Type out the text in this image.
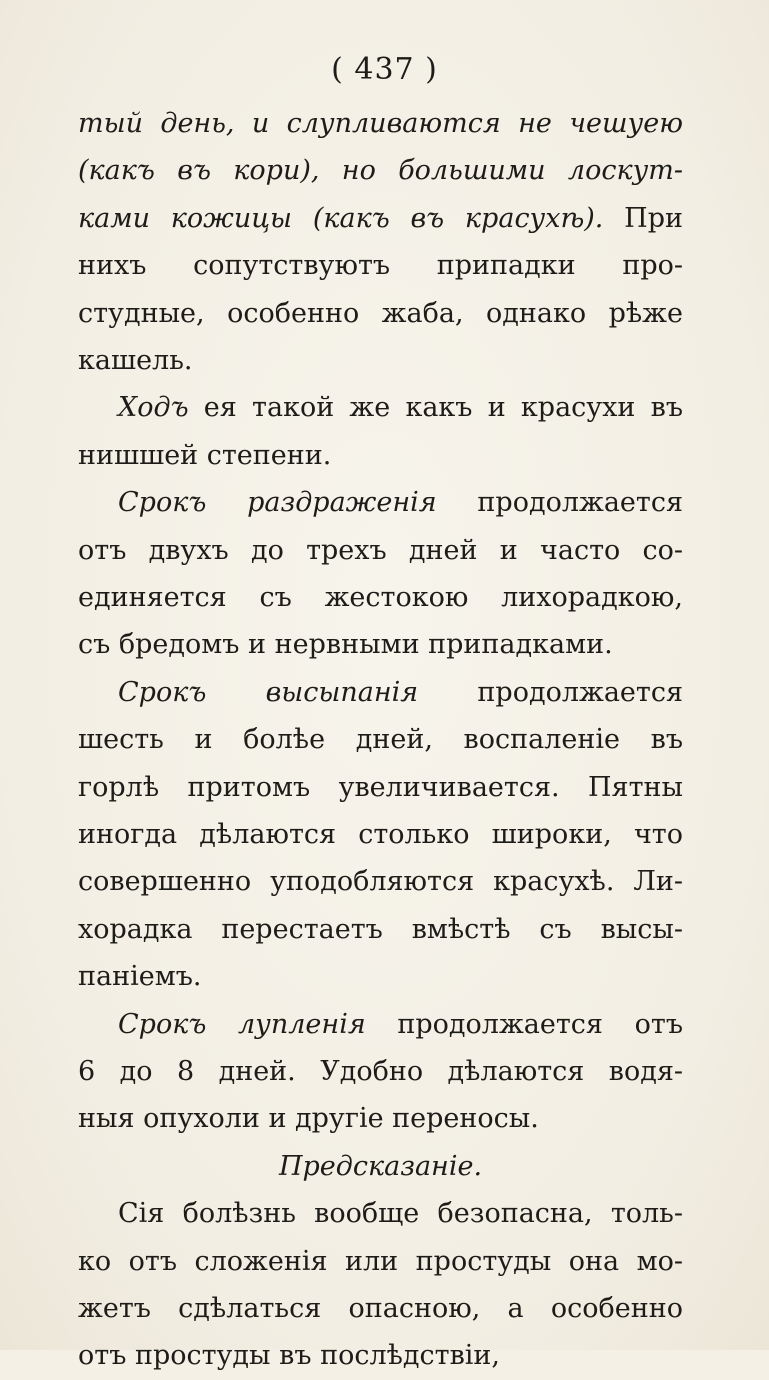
( 437 )
тый день, и слупливаются не чешуею
(какъ въ кори), но большими лоскут-
ками кожицы (какъ въ красухѣ). При
нихъ сопутствуютъ припадки про-
студные, особенно жаба, однако рѣже
кашель.
Ходъ ея такой же какъ и красухи въ
нишшей степени.
Срокъ раздраженія продолжается
отъ двухъ до трехъ дней и часто со-
единяется съ жестокою лихорадкою,
съ бредомъ и нервными припадками.
Срокъ высыпанія продолжается
шесть и болѣе дней, воспаленіе въ
горлѣ притомъ увеличивается. Пятны
иногда дѣлаются столько широки, что
совершенно уподобляются красухѣ. Ли-
хорадка перестаетъ вмѣстѣ съ высы-
паніемъ.
Срокъ лупленія продолжается отъ
6 до 8 дней. Удобно дѣлаются водя-
ныя опухоли и другіе переносы.
Предсказаніе.
Сія болѣзнь вообще безопасна, толь-
ко отъ сложенія или простуды она мо-
жетъ сдѣлаться опасною, а особенно
отъ простуды въ послѣдствіи,
